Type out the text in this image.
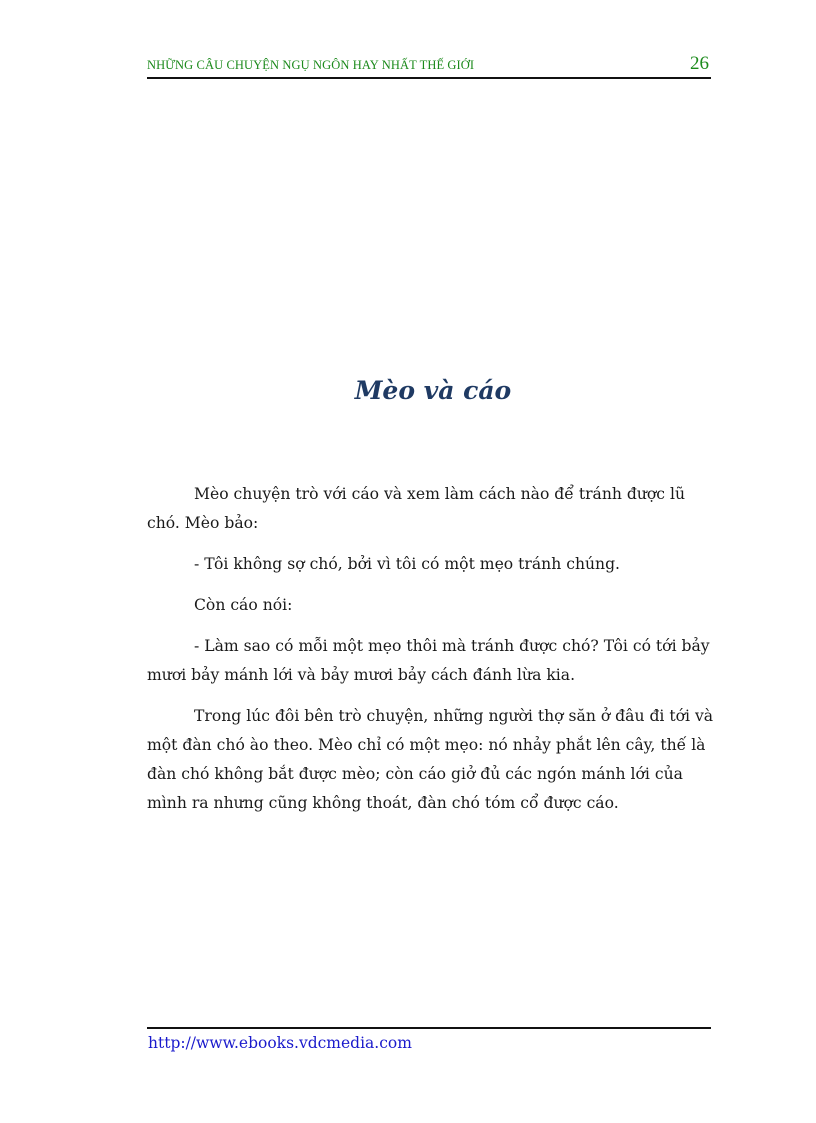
NHỮNG CÂU CHUYỆN NGỤ NGÔN HAY NHẤT THẾ GIỚI	26
Mèo và cáo

Mèo chuyện trò với cáo và xem làm cách nào để tránh được lũ chó. Mèo bảo:

- Tôi không sợ chó, bởi vì tôi có một mẹo tránh chúng.

Còn cáo nói:

- Làm sao có mỗi một mẹo thôi mà tránh được chó? Tôi có tới bảy mươi bảy mánh lới và bảy mươi bảy cách đánh lừa kia.

Trong lúc đôi bên trò chuyện, những người thợ săn ở đâu đi tới và một đàn chó ào theo. Mèo chỉ có một mẹo: nó nhảy phắt lên cây, thế là đàn chó không bắt được mèo; còn cáo giở đủ các ngón mánh lới của mình ra nhưng cũng không thoát, đàn chó tóm cổ được cáo.

http://www.ebooks.vdcmedia.com
